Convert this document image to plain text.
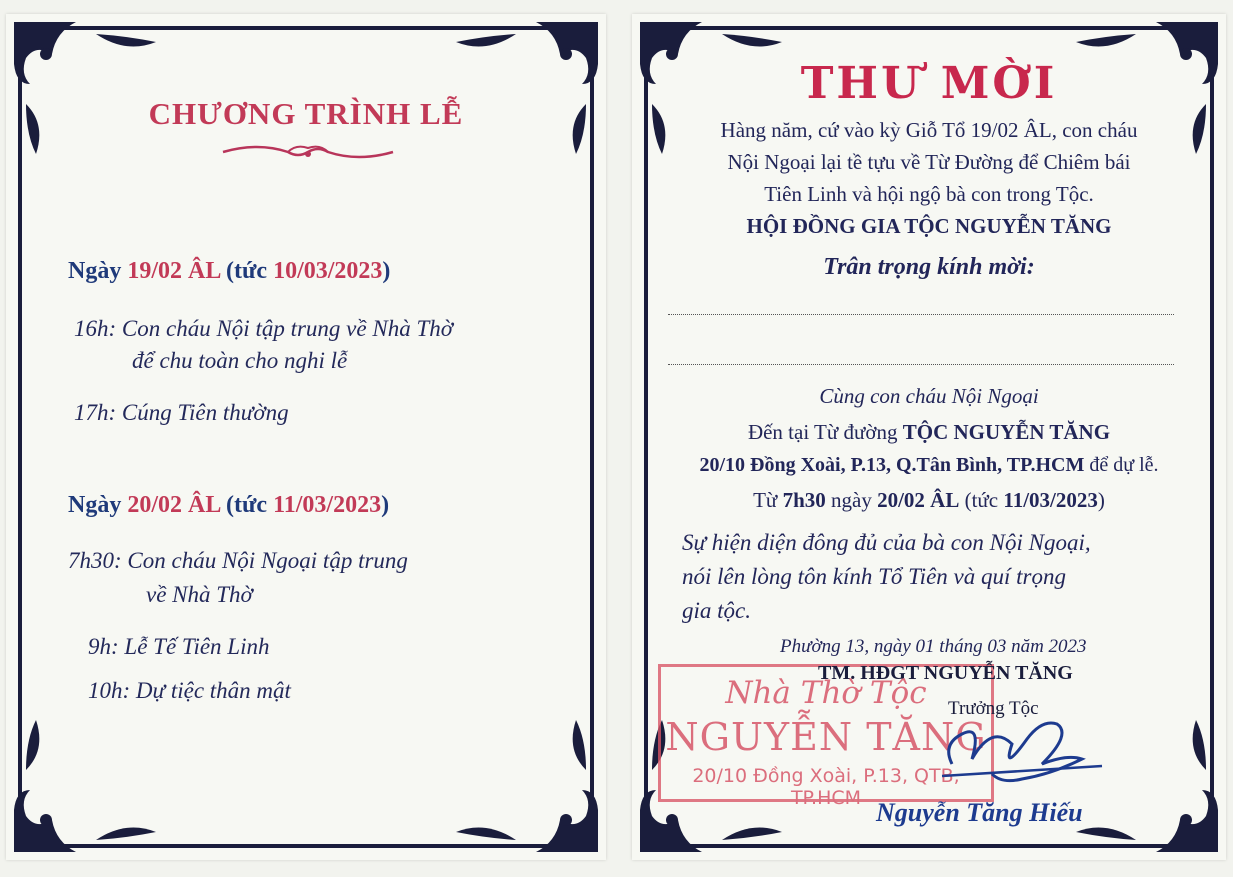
CHƯƠNG TRÌNH LỄ
Ngày 19/02 ÂL (tức 10/03/2023)
16h: Con cháu Nội tập trung về Nhà Thờ
để chu toàn cho nghi lễ
17h: Cúng Tiên thường
Ngày 20/02 ÂL (tức 11/03/2023)
7h30: Con cháu Nội Ngoại tập trung
về Nhà Thờ
9h: Lễ Tế Tiên Linh
10h: Dự tiệc thân mật
THƯ MỜI
Hàng năm, cứ vào kỳ Giỗ Tổ 19/02 ÂL, con cháu
Nội Ngoại lại tề tựu về Từ Đường để Chiêm bái
Tiên Linh và hội ngộ bà con trong Tộc.
HỘI ĐỒNG GIA TỘC NGUYỄN TĂNG
Trân trọng kính mời:
Cùng con cháu Nội Ngoại
Đến tại Từ đường TỘC NGUYỄN TĂNG
20/10 Đồng Xoài, P.13, Q.Tân Bình, TP.HCM để dự lễ.
Từ 7h30 ngày 20/02 ÂL (tức 11/03/2023)
Sự hiện diện đông đủ của bà con Nội Ngoại,
nói lên lòng tôn kính Tổ Tiên và quí trọng
gia tộc.
Phường 13, ngày 01 tháng 03 năm 2023
Nhà Thờ Tộc
NGUYỄN TĂNG
20/10 Đồng Xoài, P.13, QTB, TP.HCM
TM. HĐGT NGUYỄN TĂNG
Trưởng Tộc
Nguyễn Tăng Hiếu
